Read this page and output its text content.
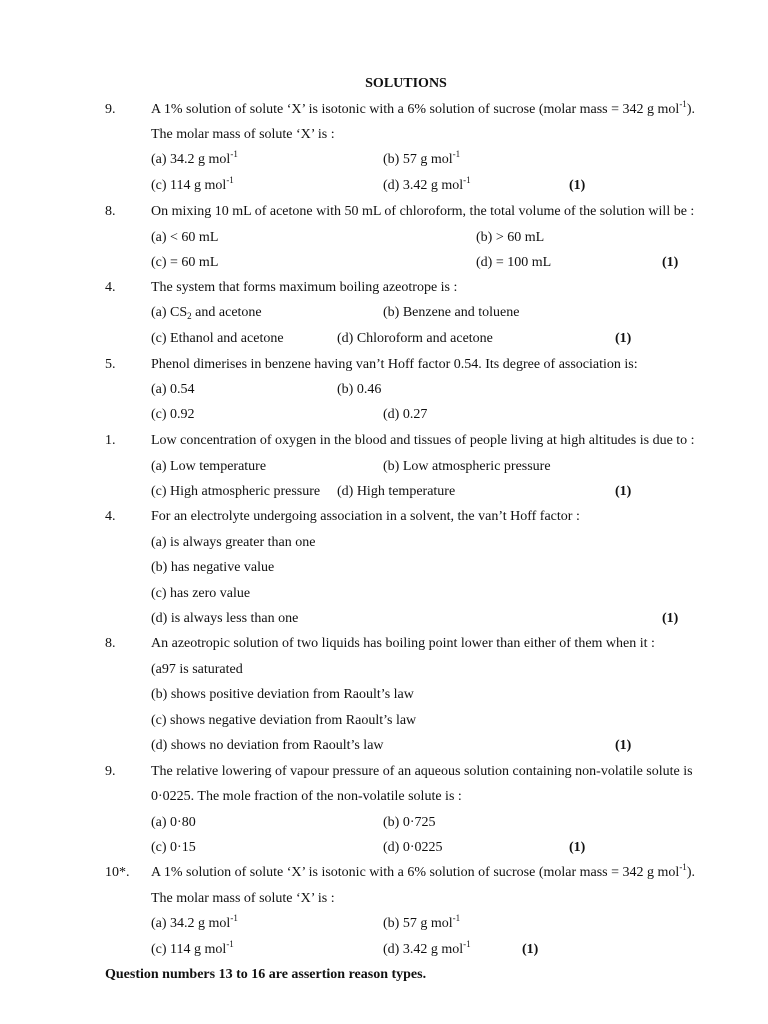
SOLUTIONS
9.	A 1% solution of solute ‘X’ is isotonic with a 6% solution of sucrose (molar mass = 342 g mol$^{-1}$).
The molar mass of solute ‘X’ is :
(a) 34.2 g mol$^{-1}$	(b) 57 g mol$^{-1}$
(c) 114 g mol$^{-1}$	(d) 3.42 g mol$^{-1}$	(1)
8.	On mixing 10 mL of acetone with 50 mL of chloroform, the total volume of the solution will be :
(a) < 60 mL	(b) > 60 mL
(c) = 60 mL	(d) = 100 mL	(1)
4.	The system that forms maximum boiling azeotrope is :
(a) $CS_2$ and acetone	(b) Benzene and toluene
(c) Ethanol and acetone	(d) Chloroform and acetone	(1)
5.	Phenol dimerises in benzene having van’t Hoff factor 0.54. Its degree of association is:
(a) 0.54	(b) 0.46
(c) 0.92	(d) 0.27
1.	Low concentration of oxygen in the blood and tissues of people living at high altitudes is due to :
(a) Low temperature	(b) Low atmospheric pressure
(c) High atmospheric pressure (d) High temperature	(1)
4.	For an electrolyte undergoing association in a solvent, the van’t Hoff factor :
(a) is always greater than one
(b) has negative value
(c) has zero value
(d) is always less than one	(1)
8.	An azeotropic solution of two liquids has boiling point lower than either of them when it :
(a97 is saturated
(b) shows positive deviation from Raoult’s law
(c) shows negative deviation from Raoult’s law
(d) shows no deviation from Raoult’s law	(1)
9.	The relative lowering of vapour pressure of an aqueous solution containing non-volatile solute is
0·0225. The mole fraction of the non-volatile solute is :
(a) 0·80	(b) 0·725
(c) 0·15	(d) 0·0225	(1)
10*. A 1% solution of solute ‘X’ is isotonic with a 6% solution of sucrose (molar mass = 342 g mol$^{-1}$).
The molar mass of solute ‘X’ is :
(a) 34.2 g mol$^{-1}$	(b) 57 g mol$^{-1}$
(c) 114 g mol$^{-1}$	(d) 3.42 g mol$^{-1}$	(1)
Question numbers 13 to 16 are assertion reason types.
